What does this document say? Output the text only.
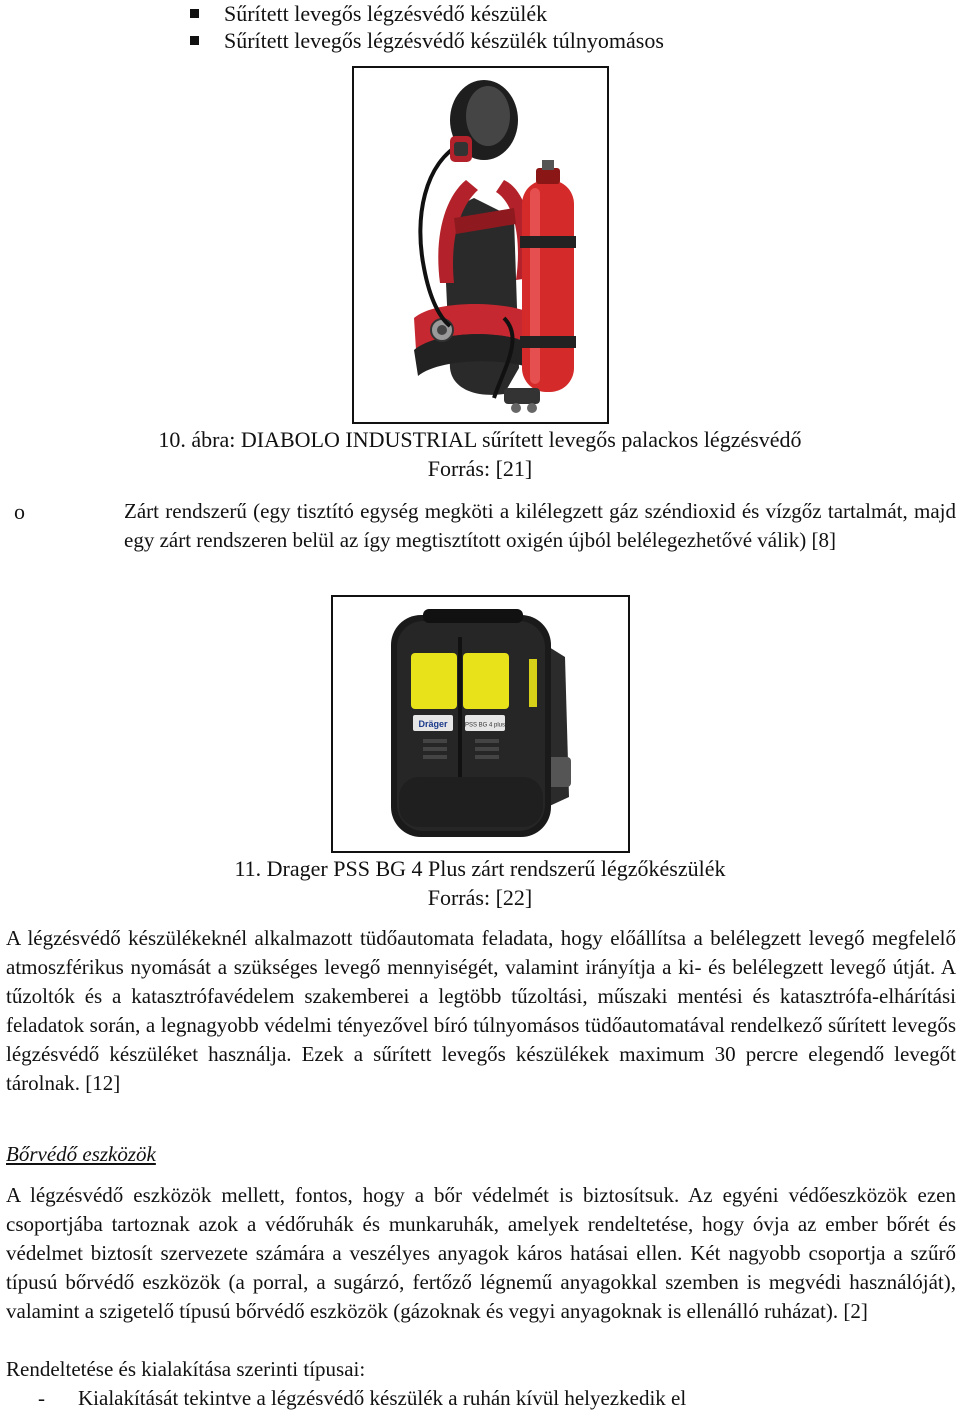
Sűrített levegős légzésvédő készülék
Sűrített levegős légzésvédő készülék túlnyomásos
10. ábra: DIABOLO INDUSTRIAL sűrített levegős palackos légzésvédő
Forrás: [21]
o	Zárt rendszerű (egy tisztító egység megköti a kilélegzett gáz széndioxid és vízgőz tartalmát, majd egy zárt rendszeren belül az így megtisztított oxigén újból belélegezhetővé válik) [8]

Dräger	PSS BG 4 plus
11. Drager PSS BG 4 Plus zárt rendszerű légzőkészülék
Forrás: [22]

A légzésvédő készülékeknél alkalmazott tüdőautomata feladata, hogy előállítsa a belélegzett levegő megfelelő atmoszférikus nyomását a szükséges levegő mennyiségét, valamint irányítja a ki- és belélegzett levegő útját. A tűzoltók és a katasztrófavédelem szakemberei a legtöbb tűzoltási, műszaki mentési és katasztrófa-elhárítási feladatok során, a legnagyobb védelmi tényezővel bíró túlnyomásos tüdőautomatával rendelkező sűrített levegős légzésvédő készüléket használja. Ezek a sűrített levegős készülékek maximum 30 percre elegendő levegőt tárolnak. [12]

Bőrvédő eszközök

A légzésvédő eszközök mellett, fontos, hogy a bőr védelmét is biztosítsuk. Az egyéni védőeszközök ezen csoportjába tartoznak azok a védőruhák és munkaruhák, amelyek rendeltetése, hogy óvja az ember bőrét és védelmet biztosít szervezete számára a veszélyes anyagok káros hatásai ellen. Két nagyobb csoportja a szűrő típusú bőrvédő eszközök (a porral, a sugárzó, fertőző légnemű anyagokkal szemben is megvédi használóját), valamint a szigetelő típusú bőrvédő eszközök (gázoknak és vegyi anyagoknak is ellenálló ruházat). [2]

Rendeltetése és kialakítása szerinti típusai:
- Kialakítását tekintve a légzésvédő készülék a ruhán kívül helyezkedik el
